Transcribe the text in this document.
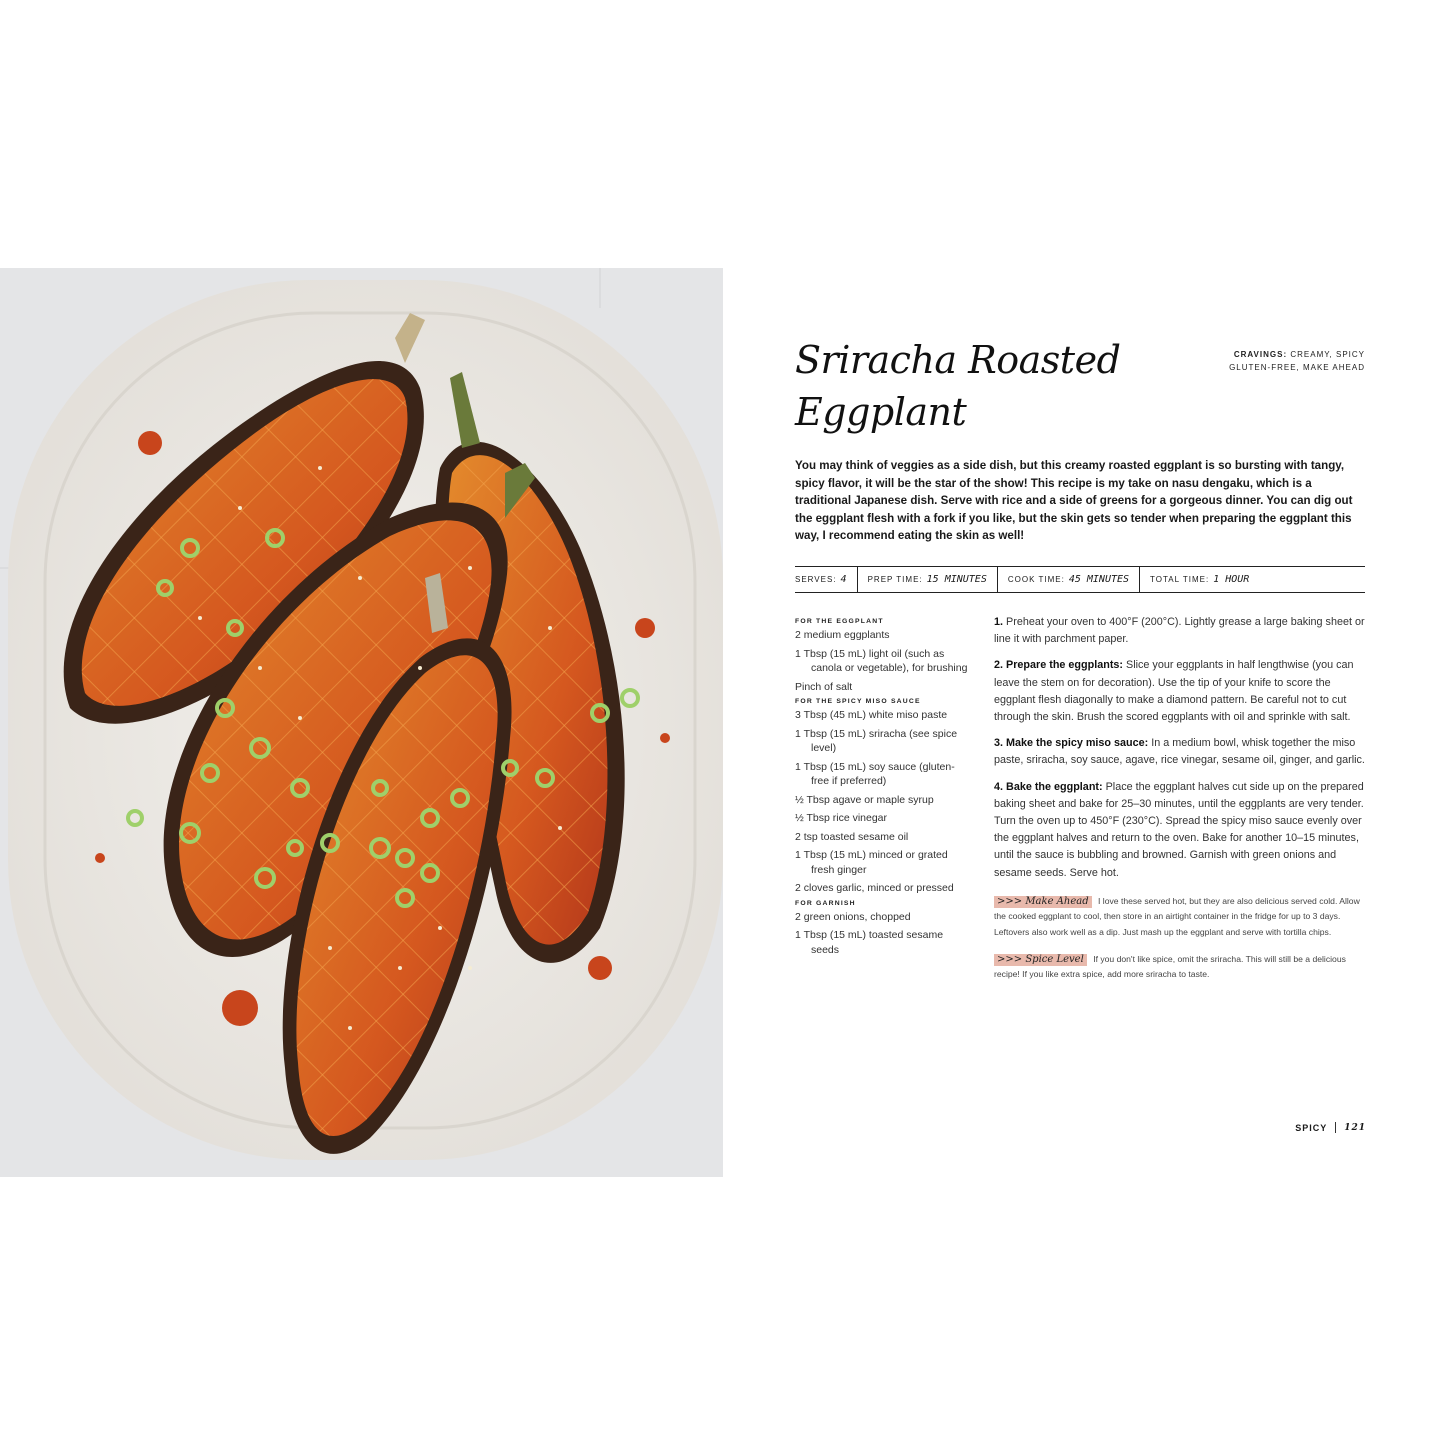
Sriracha Roasted
Eggplant
CRAVINGS: CREAMY, SPICY
GLUTEN-FREE, MAKE AHEAD

You may think of veggies as a side dish, but this creamy roasted eggplant is so bursting with tangy, spicy flavor, it will be the star of the show! This recipe is my take on nasu dengaku, which is a traditional Japanese dish. Serve with rice and a side of greens for a gorgeous dinner. You can dig out the eggplant flesh with a fork if you like, but the skin gets so tender when preparing the eggplant this way, I recommend eating the skin as well!

SERVES: 4	PREP TIME: 15 MINUTES	COOK TIME: 45 MINUTES	TOTAL TIME: 1 HOUR
FOR THE EGGPLANT
2 medium eggplants
1 Tbsp (15 mL) light oil (such as canola or vegetable), for brushing
Pinch of salt
FOR THE SPICY MISO SAUCE
3 Tbsp (45 mL) white miso paste
1 Tbsp (15 mL) sriracha (see spice level)
1 Tbsp (15 mL) soy sauce (gluten-free if preferred)
½ Tbsp agave or maple syrup
½ Tbsp rice vinegar
2 tsp toasted sesame oil
1 Tbsp (15 mL) minced or grated fresh ginger
2 cloves garlic, minced or pressed
FOR GARNISH
2 green onions, chopped
1 Tbsp (15 mL) toasted sesame seeds

1. Preheat your oven to 400°F (200°C). Lightly grease a large baking sheet or line it with parchment paper.

2. Prepare the eggplants: Slice your eggplants in half lengthwise (you can leave the stem on for decoration). Use the tip of your knife to score the eggplant flesh diagonally to make a diamond pattern. Be careful not to cut through the skin. Brush the scored eggplants with oil and sprinkle with salt.

3. Make the spicy miso sauce: In a medium bowl, whisk together the miso paste, sriracha, soy sauce, agave, rice vinegar, sesame oil, ginger, and garlic.

4. Bake the eggplant: Place the eggplant halves cut side up on the prepared baking sheet and bake for 25–30 minutes, until the eggplants are very tender. Turn the oven up to 450°F (230°C). Spread the spicy miso sauce evenly over the eggplant halves and return to the oven. Bake for another 10–15 minutes, until the sauce is bubbling and browned. Garnish with green onions and sesame seeds. Serve hot.

>>> Make Ahead I love these served hot, but they are also delicious served cold. Allow the cooked eggplant to cool, then store in an airtight container in the fridge for up to 3 days. Leftovers also work well as a dip. Just mash up the eggplant and serve with tortilla chips.

>>> Spice Level If you don't like spice, omit the sriracha. This will still be a delicious recipe! If you like extra spice, add more sriracha to taste.

SPICY 121
